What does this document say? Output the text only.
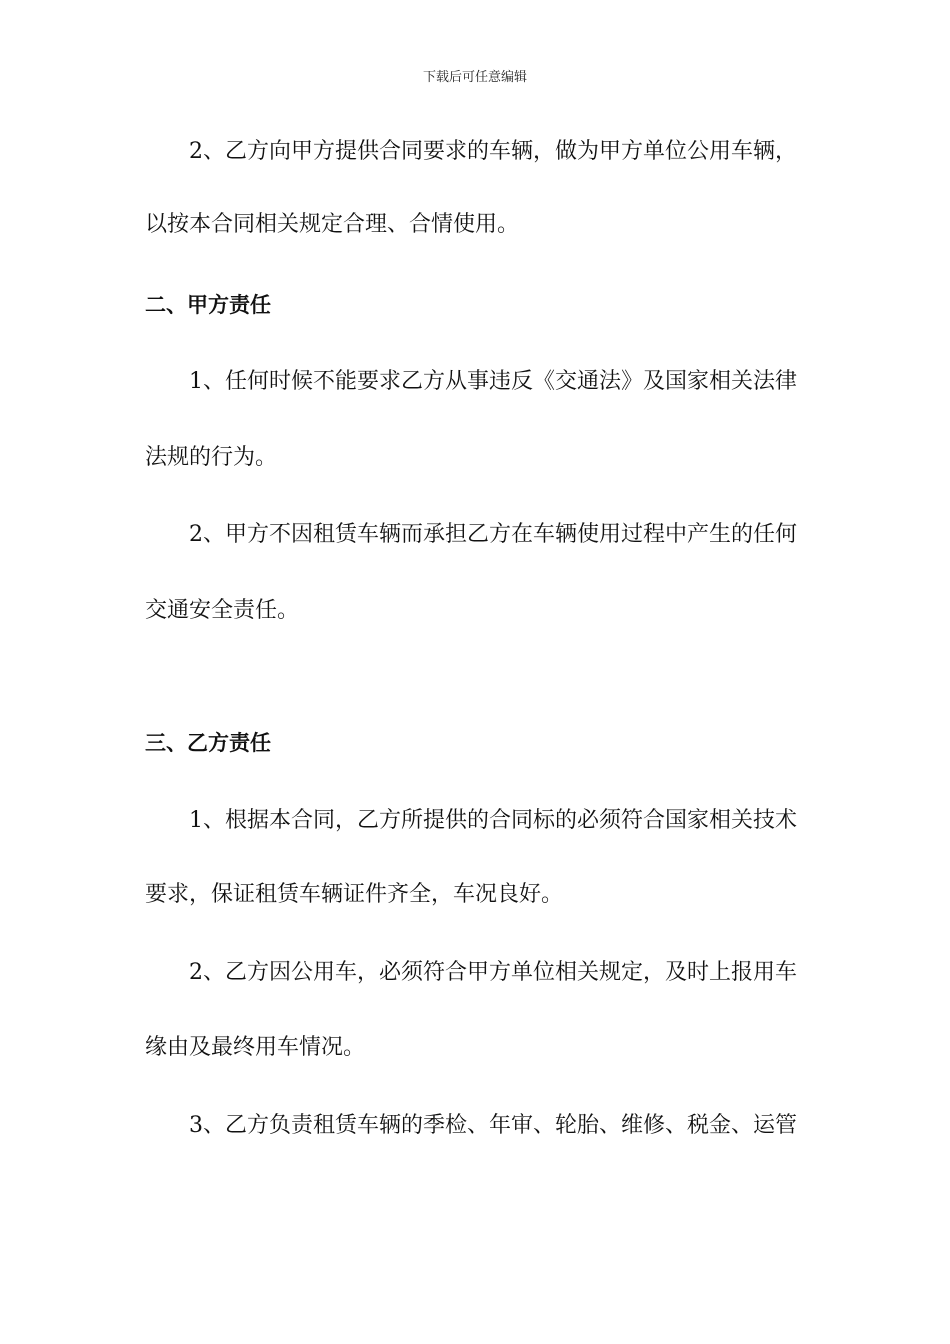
下载后可任意编辑
2、乙方向甲方提供合同要求的车辆，做为甲方单位公用车辆，
以按本合同相关规定合理、合情使用。
二、甲方责任
1、任何时候不能要求乙方从事违反《交通法》及国家相关法律
法规的行为。
2、甲方不因租赁车辆而承担乙方在车辆使用过程中产生的任何
交通安全责任。
三、乙方责任
1、根据本合同，乙方所提供的合同标的必须符合国家相关技术
要求，保证租赁车辆证件齐全，车况良好。
2、乙方因公用车，必须符合甲方单位相关规定，及时上报用车
缘由及最终用车情况。
3、乙方负责租赁车辆的季检、年审、轮胎、维修、税金、运管
